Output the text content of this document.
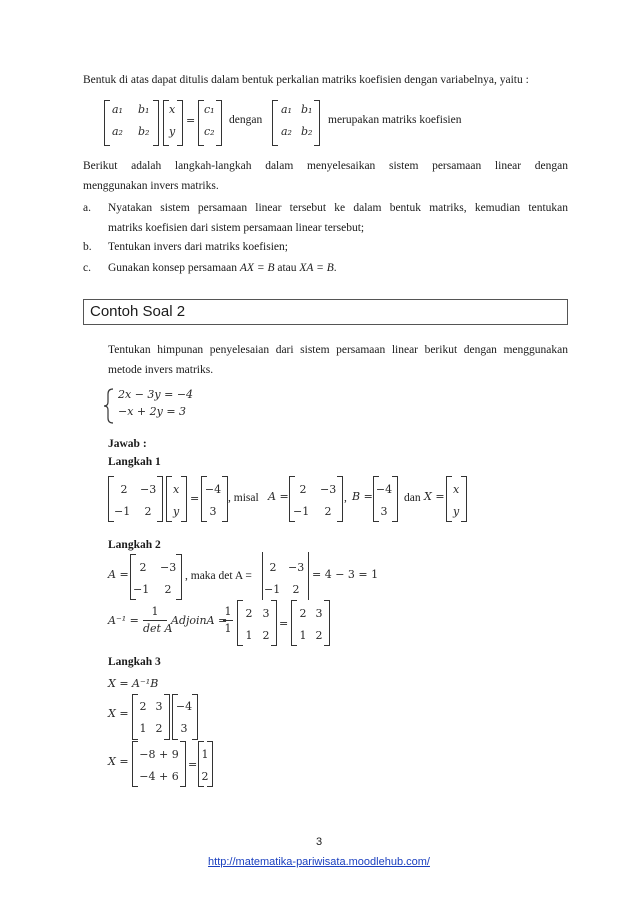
Bentuk di atas dapat ditulis dalam bentuk perkalian matriks koefisien dengan variabelnya, yaitu :
a₁ b₁
a₂ b₂
x
y
=
c₁
c₂
dengan
a₁ b₁
a₂ b₂
merupakan matriks koefisien
Berikut adalah langkah-langkah dalam menyelesaikan sistem persamaan linear dengan
menggunakan invers matriks.
a. Nyatakan sistem persamaan linear tersebut ke dalam bentuk matriks, kemudian tentukan
matriks koefisien dari sistem persamaan linear tersebut;
b. Tentukan invers dari matriks koefisien;
c. Gunakan konsep persamaan AX = B atau XA = B.
Contoh Soal 2
Tentukan himpunan penyelesaian dari sistem persamaan linear berikut dengan menggunakan
metode invers matriks.
2x − 3y = −4
−x + 2y = 3
Jawab :
Langkah 1
2 −3
−1 2
x
y
=
−4
3
, misal A =
2 −3
−1 2
, B =
−4
3
dan X =
x
y
Langkah 2
A =
2 −3
−1 2
, maka det A =
2	−3
−1 2
= 4 − 3 = 1
A⁻¹ =
1
det A
AdjoinA =
1
1
2 3
1 2
=
2 3
1 2
Langkah 3
X = A⁻¹B
X =
2 3
1 2
−4
3
X =
−8 + 9
−4 + 6
=
1
2
3
http://matematika-pariwisata.moodlehub.com/
